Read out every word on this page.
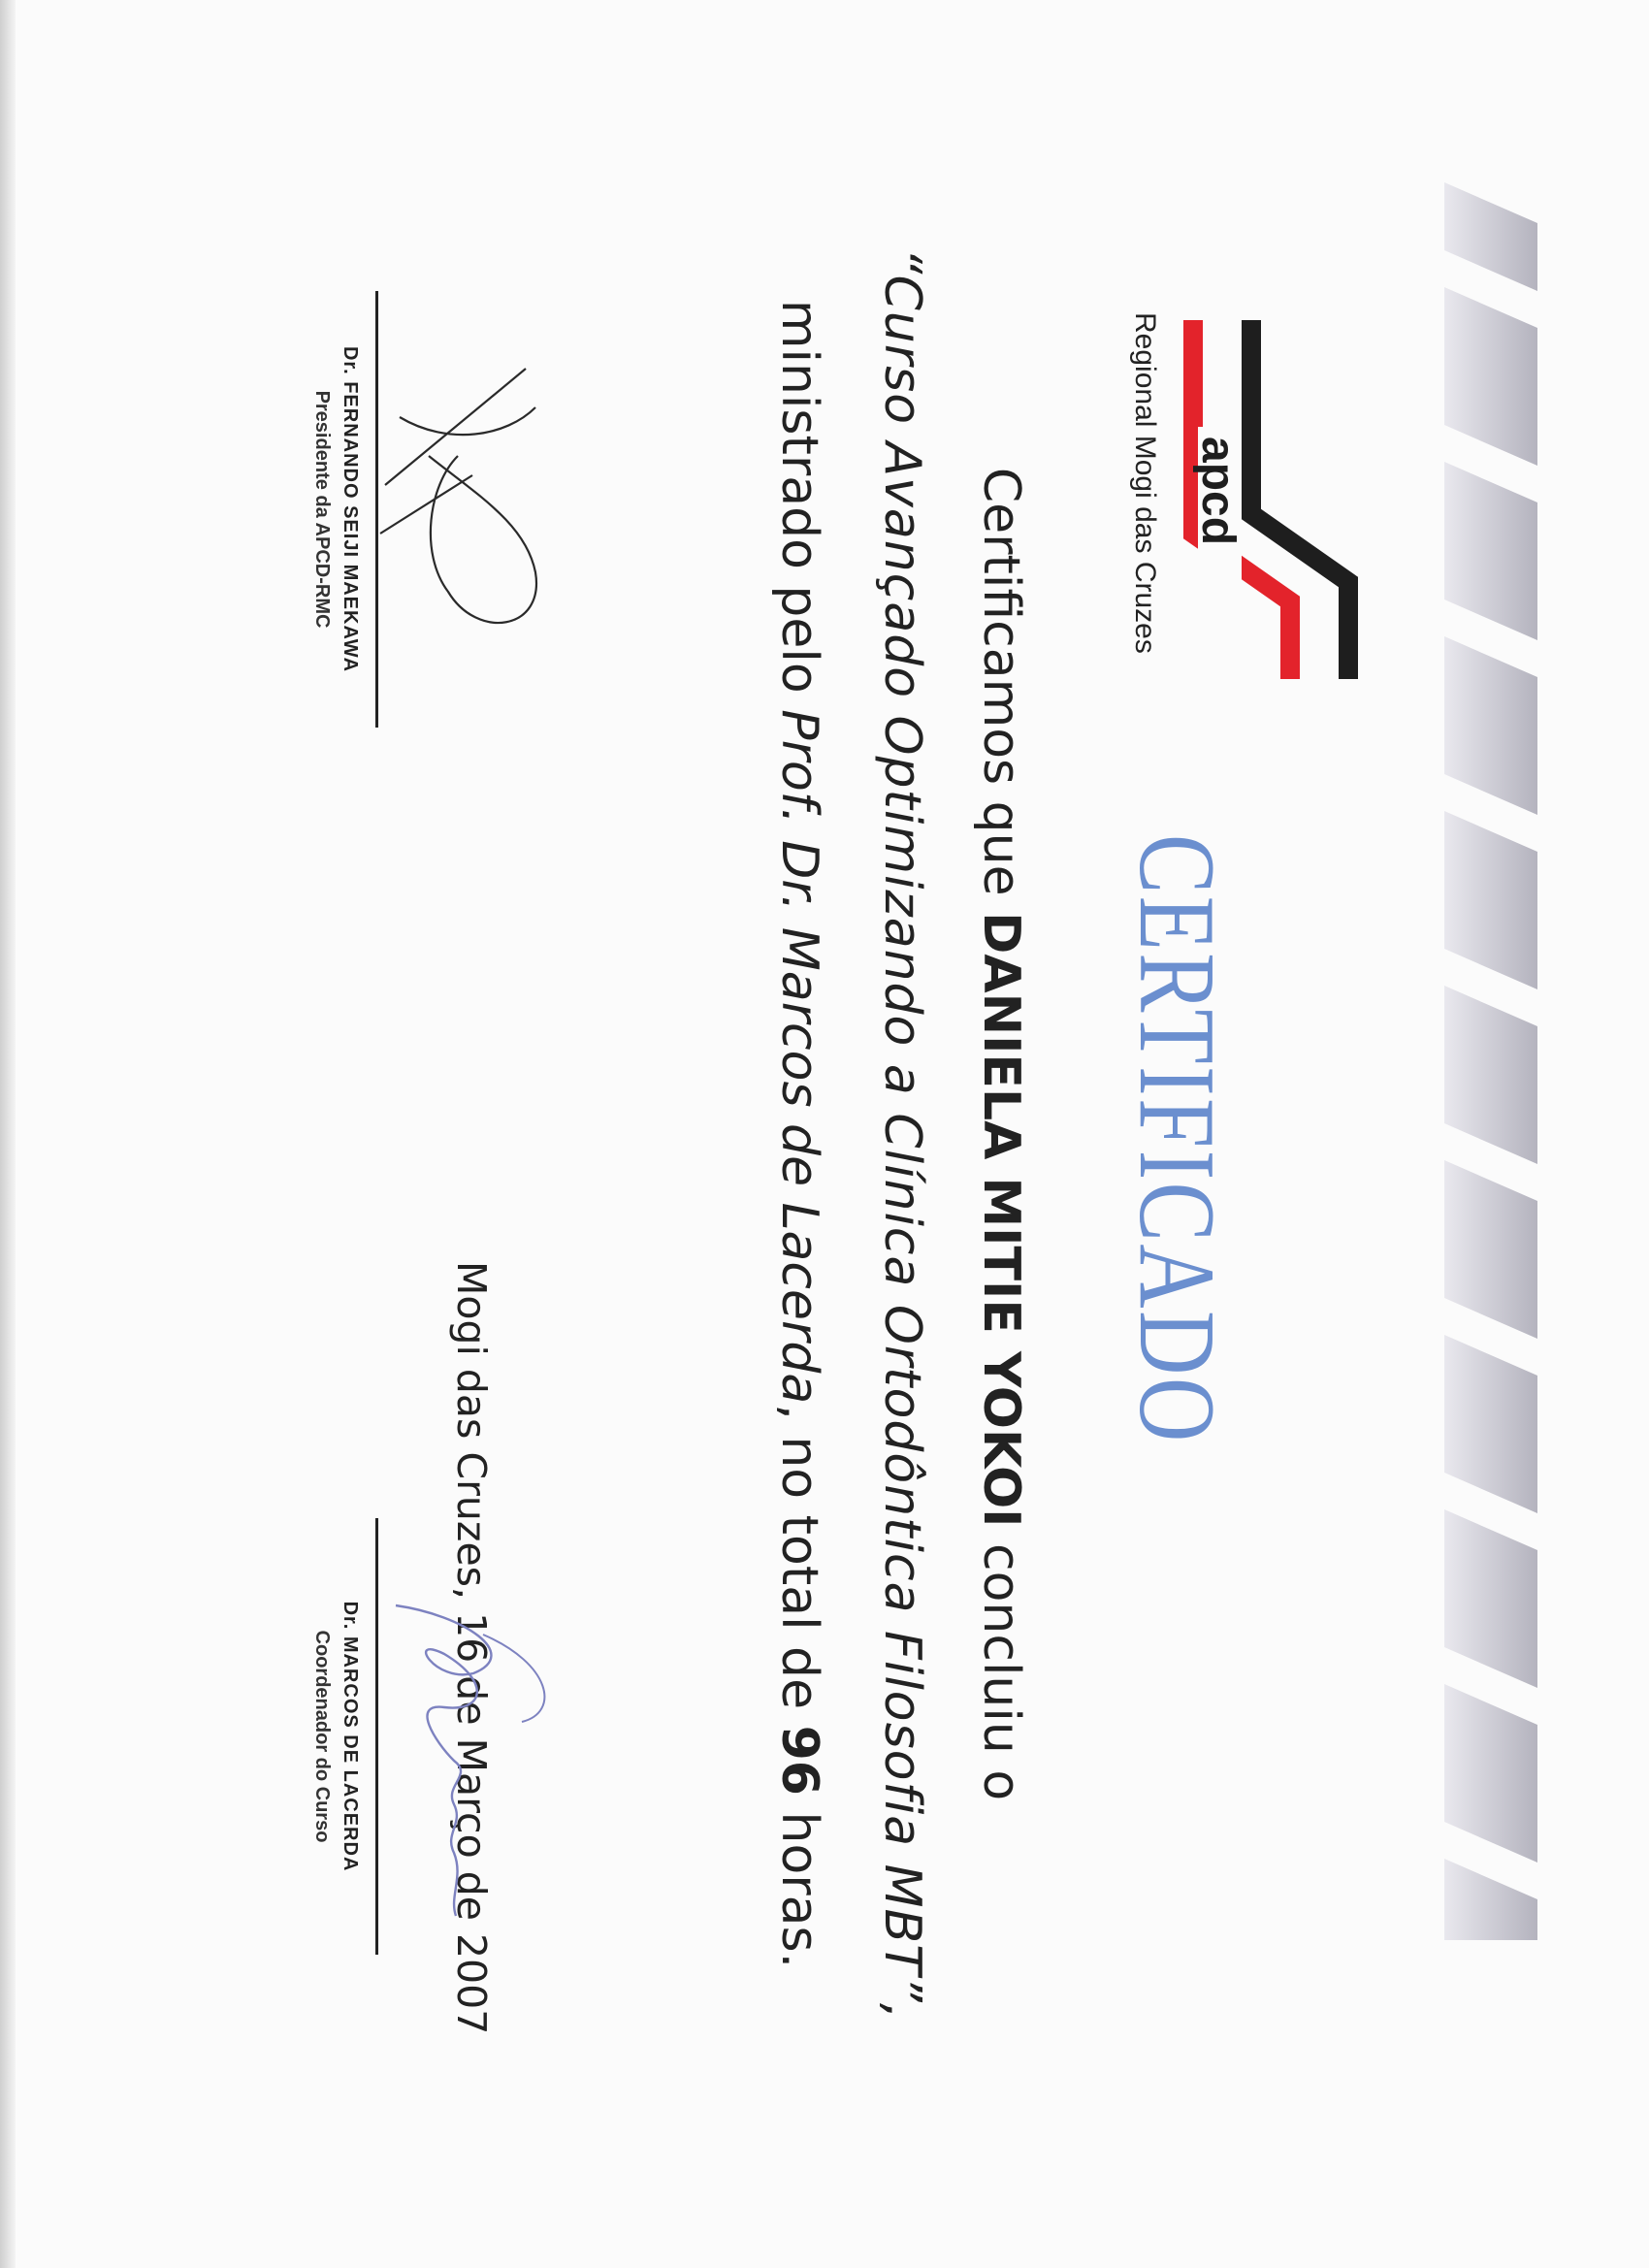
apcd
Regional Mogi das Cruzes
CERTIFICADO
Certificamos que DANIELA MITIE YOKOI concluiu o
“Curso Avançado Optimizando a Clínica Ortodôntica Filosofia MBT”,
ministrado pelo Prof. Dr. Marcos de Lacerda, no total de 96 horas.
Mogi das Cruzes, 16 de Março de 2007
Dr. FERNANDO SEIJI MAEKAWA
Presidente da APCD-RMC
Dr. MARCOS DE LACERDA
Coordenador do Curso
